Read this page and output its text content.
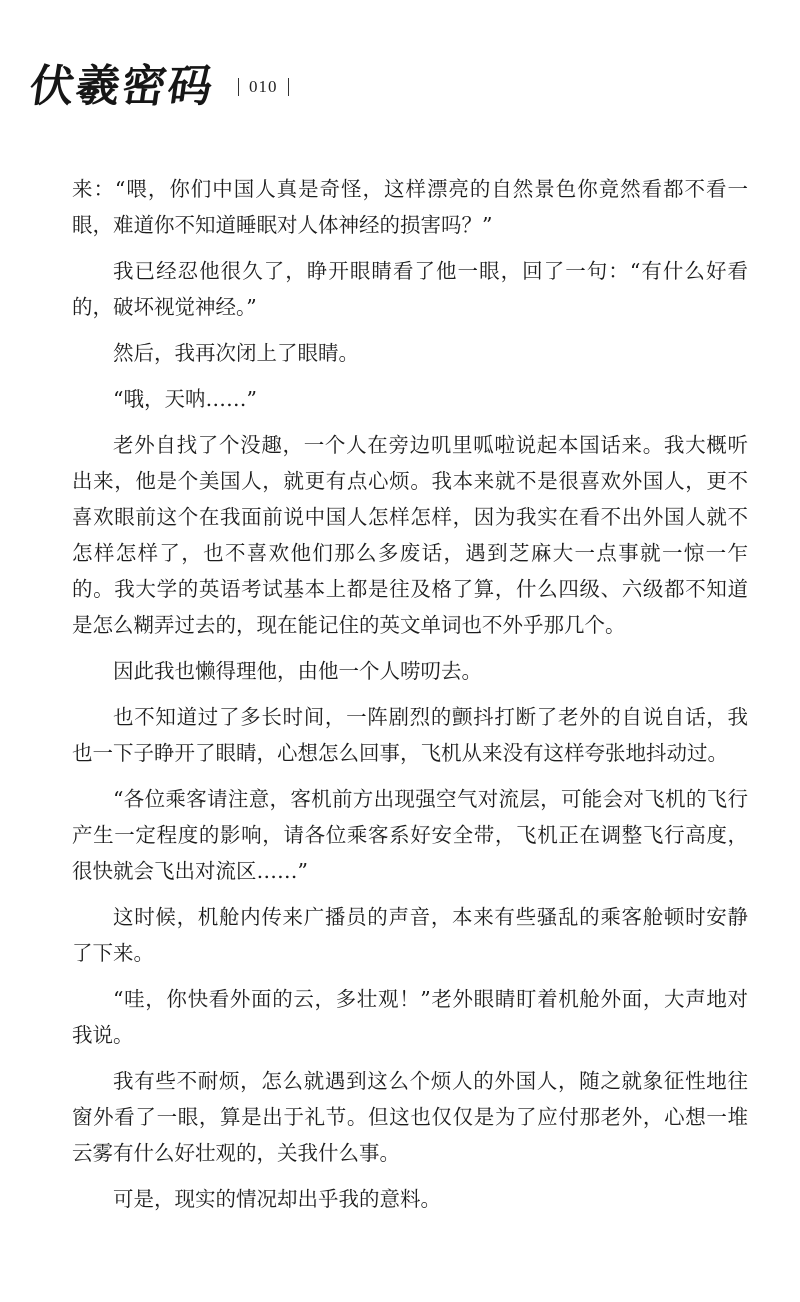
伏羲密码 010

来：“喂，你们中国人真是奇怪，这样漂亮的自然景色你竟然看都不看一眼，难道你不知道睡眠对人体神经的损害吗？”

我已经忍他很久了，睁开眼睛看了他一眼，回了一句：“有什么好看的，破坏视觉神经。”

然后，我再次闭上了眼睛。

“哦，天呐……”

老外自找了个没趣，一个人在旁边叽里呱啦说起本国话来。我大概听出来，他是个美国人，就更有点心烦。我本来就不是很喜欢外国人，更不喜欢眼前这个在我面前说中国人怎样怎样，因为我实在看不出外国人就不怎样怎样了，也不喜欢他们那么多废话，遇到芝麻大一点事就一惊一乍的。我大学的英语考试基本上都是往及格了算，什么四级、六级都不知道是怎么糊弄过去的，现在能记住的英文单词也不外乎那几个。

因此我也懒得理他，由他一个人唠叨去。

也不知道过了多长时间，一阵剧烈的颤抖打断了老外的自说自话，我也一下子睁开了眼睛，心想怎么回事，飞机从来没有这样夸张地抖动过。

“各位乘客请注意，客机前方出现强空气对流层，可能会对飞机的飞行产生一定程度的影响，请各位乘客系好安全带，飞机正在调整飞行高度，很快就会飞出对流区……”

这时候，机舱内传来广播员的声音，本来有些骚乱的乘客舱顿时安静了下来。

“哇，你快看外面的云，多壮观！”老外眼睛盯着机舱外面，大声地对我说。

我有些不耐烦，怎么就遇到这么个烦人的外国人，随之就象征性地往窗外看了一眼，算是出于礼节。但这也仅仅是为了应付那老外，心想一堆云雾有什么好壮观的，关我什么事。

可是，现实的情况却出乎我的意料。
